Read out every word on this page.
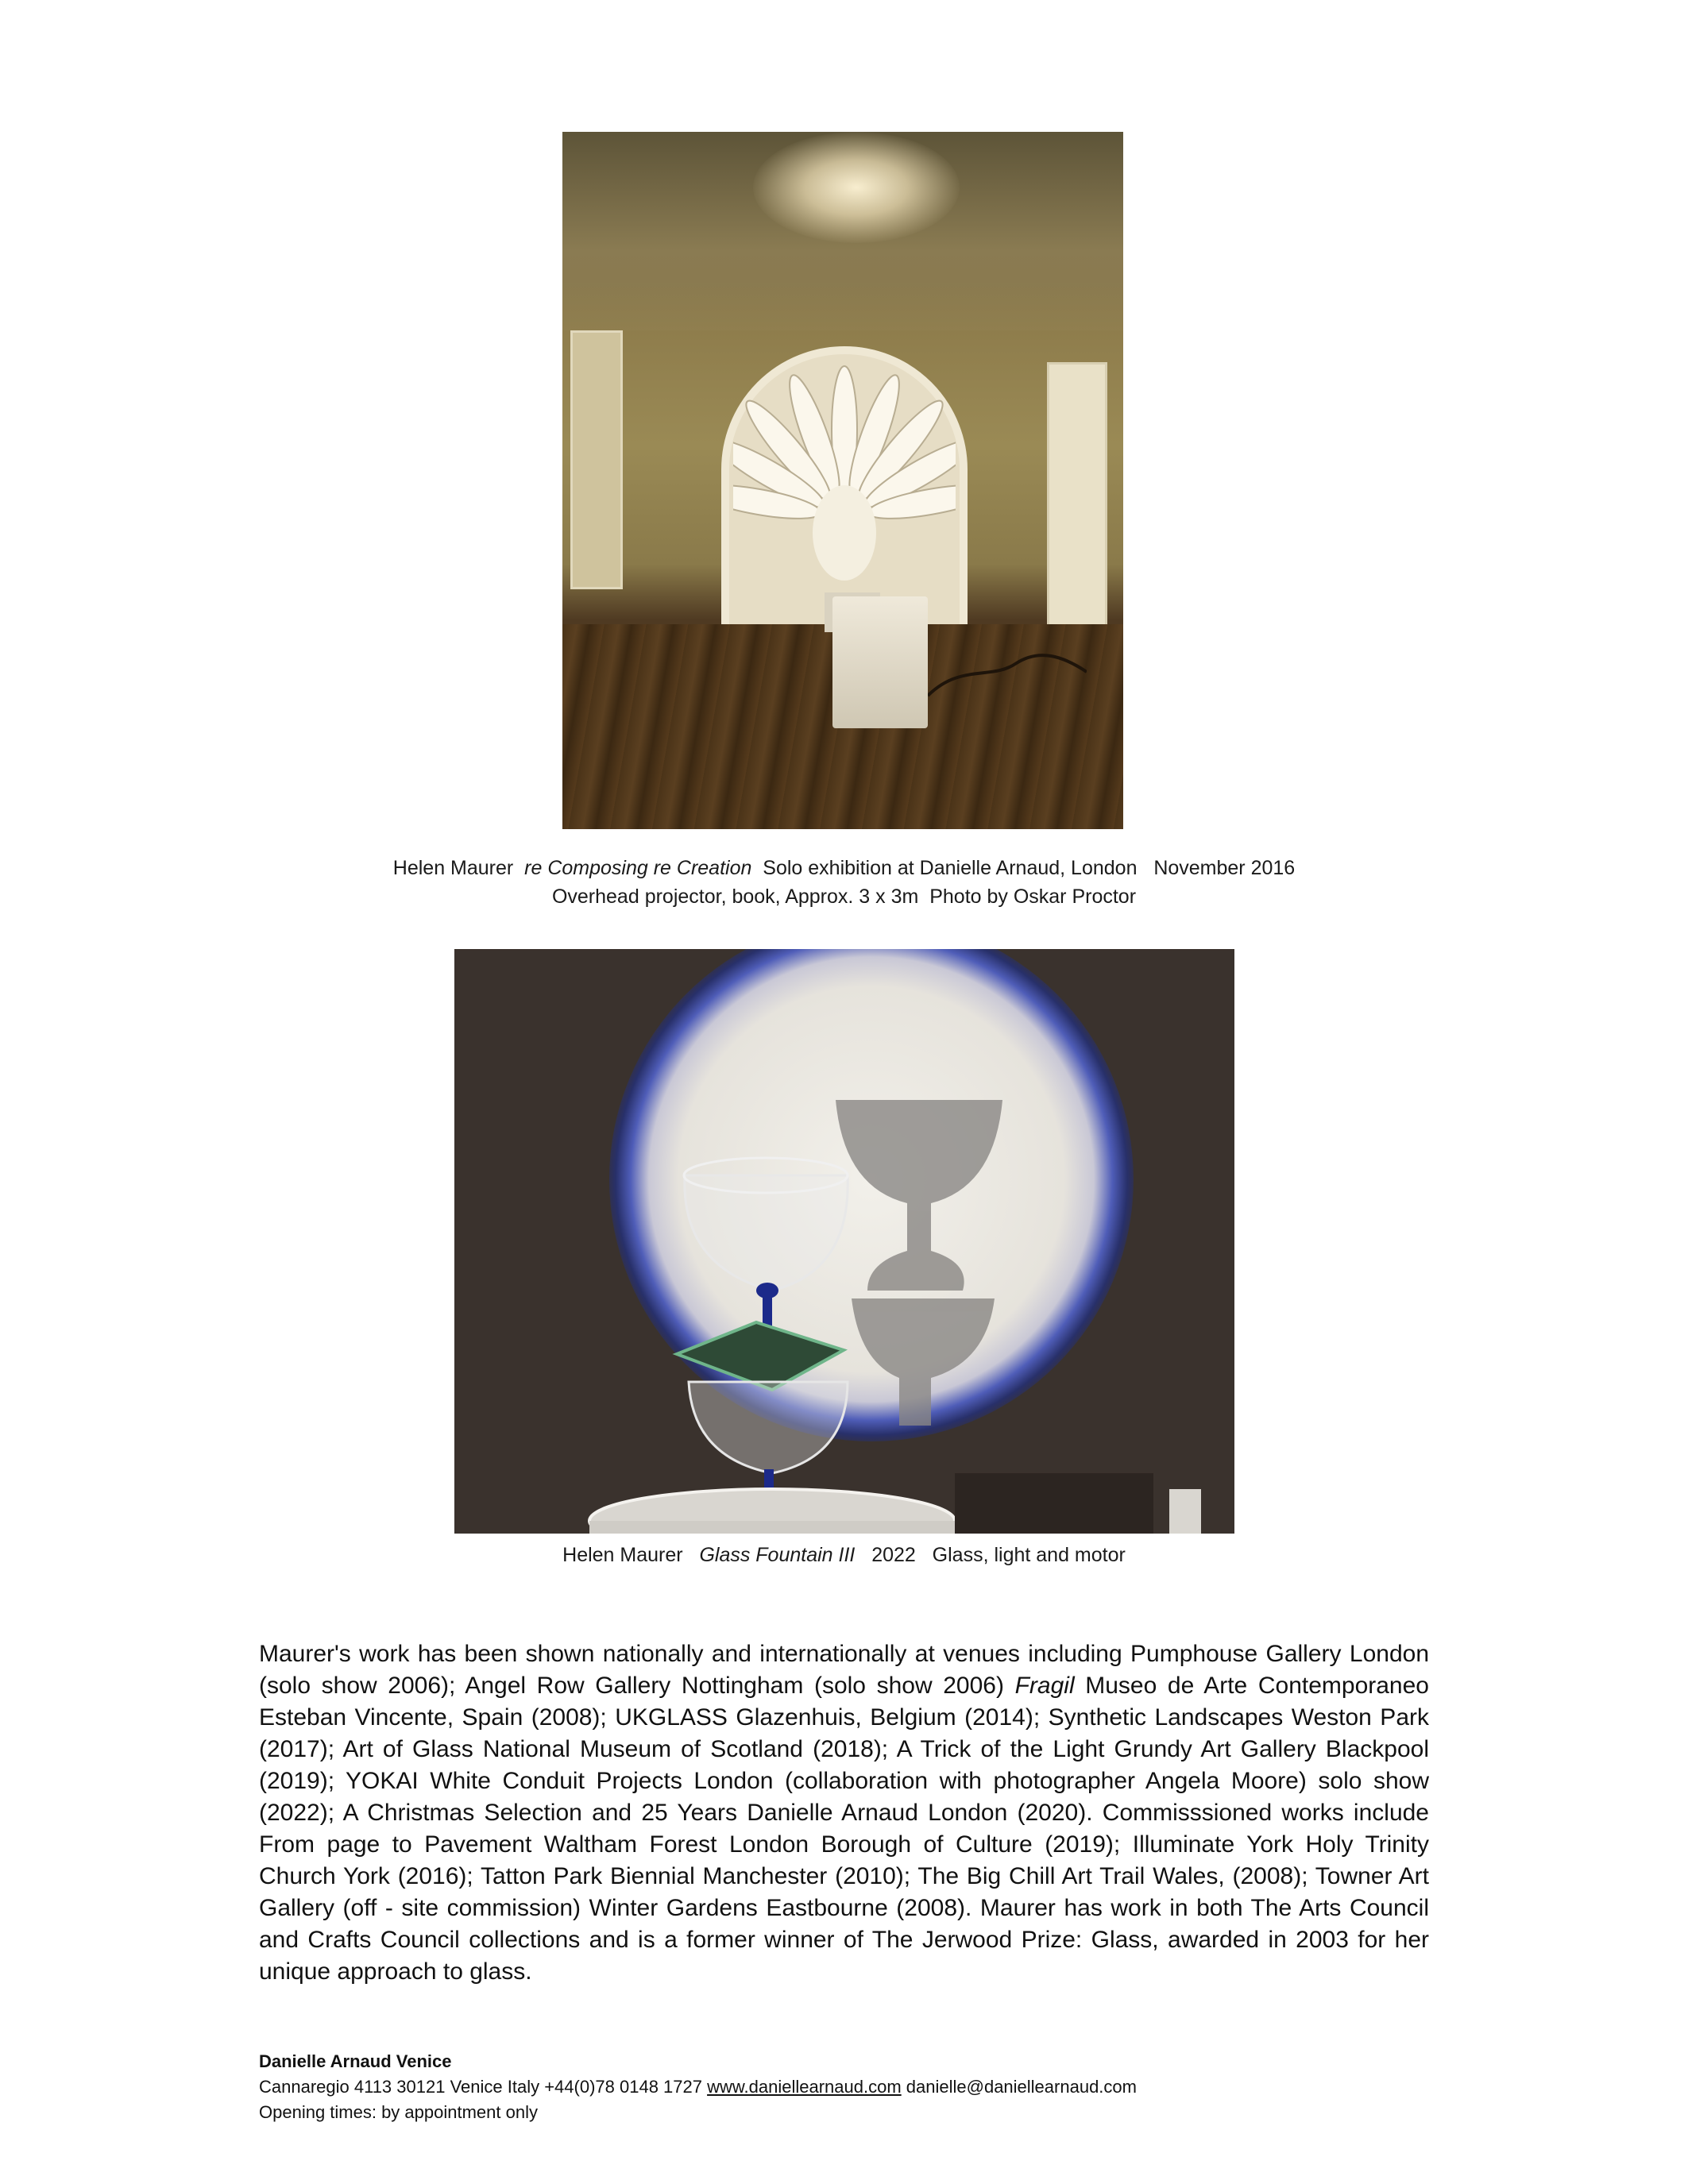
Helen Maurer re Composing re Creation Solo exhibition at Danielle Arnaud, London   November 2016
Overhead projector, book, Approx. 3 x 3m  Photo by Oskar Proctor
Helen Maurer Glass Fountain III 2022   Glass, light and motor
Maurer's work has been shown nationally and internationally at venues including Pumphouse Gallery London (solo show 2006); Angel Row Gallery Nottingham (solo show 2006) Fragil Museo de Arte Contemporaneo Esteban Vincente, Spain (2008); UKGLASS Glazenhuis, Belgium (2014); Synthetic Landscapes Weston Park (2017); Art of Glass National Museum of Scotland (2018); A Trick of the Light Grundy Art Gallery Blackpool (2019); YOKAI White Conduit Projects London (collaboration with photographer Angela Moore) solo show (2022); A Christmas Selection and 25 Years Danielle Arnaud London (2020). Commisssioned works include From page to Pavement Waltham Forest London Borough of Culture (2019); Illuminate York Holy Trinity Church York (2016); Tatton Park Biennial Manchester (2010); The Big Chill Art Trail Wales, (2008); Towner Art Gallery (off - site commission) Winter Gardens Eastbourne (2008). Maurer has work in both The Arts Council and Crafts Council collections and is a former winner of The Jerwood Prize: Glass, awarded in 2003 for her unique approach to glass.
Danielle Arnaud Venice
Cannaregio 4113 30121 Venice Italy +44(0)78 0148 1727 www.daniellearnaud.com danielle@daniellearnaud.com
Opening times: by appointment only
